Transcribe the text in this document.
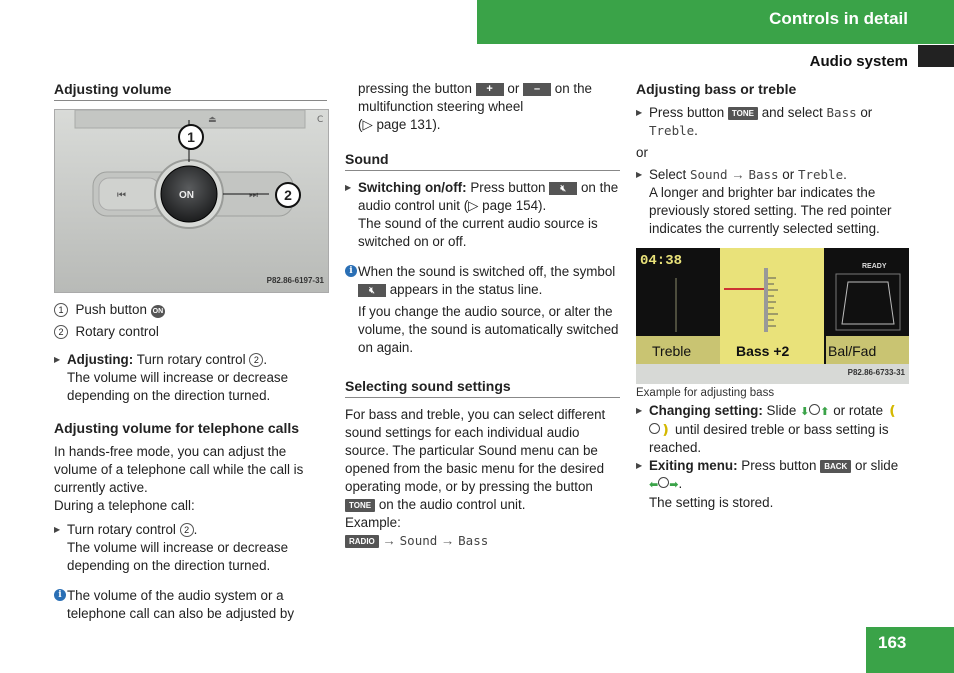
Controls in detail
Audio system
Adjusting volume
⏏	C
⏮	⏭
ON
1
2
P82.86-6197-31

1 Push button ON

2 Rotary control

▶ Adjusting: Turn rotary control 2 .

The volume will increase or decrease depending on the direction turned.

Adjusting volume for telephone calls

In hands-free mode, you can adjust the volume of a telephone call while the call is currently active.

During a telephone call:

▶ Turn rotary control 2 .

The volume will increase or decrease depending on the direction turned.

i The volume of the audio system or a telephone call can also be adjusted by

pressing the button + or – on the multifunction steering wheel
(▷ page 131).

Sound

▶ Switching on/off: Press button 🔇︎ on the audio control unit (▷ page 154).

The sound of the current audio source is switched on or off.

i When the sound is switched off, the symbol 🔇︎ appears in the status line.

If you change the audio source, or alter the volume, the sound is automatically switched on again.

Selecting sound settings

For bass and treble, you can select different sound settings for each individual audio source. The particular Sound menu can be opened from the basic menu for the desired operating mode, or by pressing the button TONE on the audio control unit.

Example:

RADIO → Sound → Bass

Adjusting bass or treble

▶ Press button TONE and select Bass or Treble.

or

▶ Select Sound → Bass or Treble.

A longer and brighter bar indicates the previously stored setting. The red pointer indicates the currently selected setting.

04:38	READY
Treble	Bass +2	Bal/Fad
P82.86-6733-31

Example for adjusting bass

▶ Changing setting: Slide ⬇ ⬆ or rotate ❪❫ until desired treble or bass setting is reached.

▶ Exiting menu: Press button BACK or slide ⬅ ➡.

The setting is stored.

163
